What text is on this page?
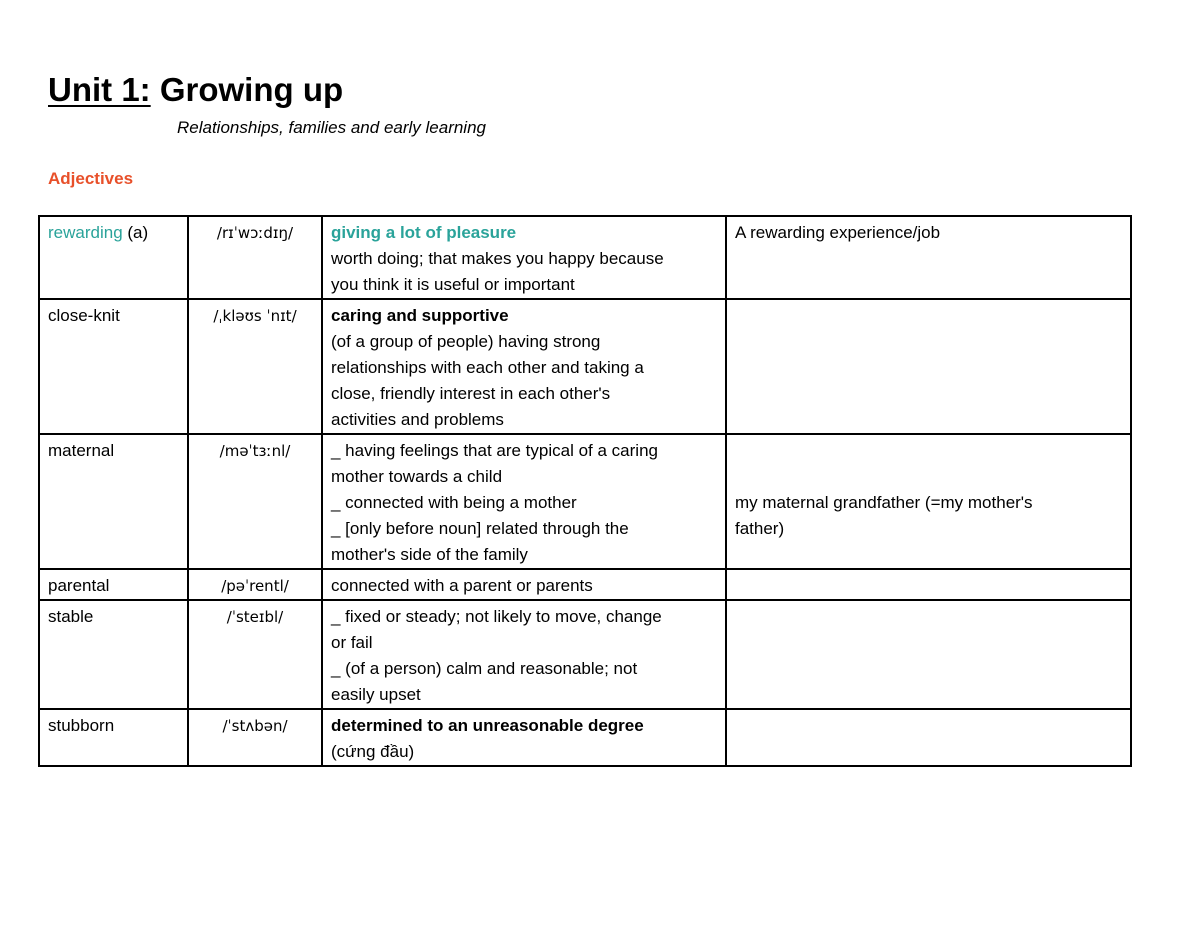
Unit 1: Growing up
Relationships, families and early learning
Adjectives
rewarding (a)	/rɪˈwɔːdɪŋ/	giving a lot of pleasure
worth doing; that makes you happy because
you think it is useful or important	A rewarding experience/job
close-knit	/ˌkləʊs ˈnɪt/	caring and supportive
(of a group of people) having strong
relationships with each other and taking a
close, friendly interest in each other's
activities and problems	

maternal	/məˈtɜːnl/	_ having feelings that are typical of a caring
mother towards a child
_ connected with being a mother
_ [only before noun] related through the
mother's side of the family	my maternal grandfather (=my mother's
father)

parental	/pəˈrentl/	connected with a parent or parents	

stable	/ˈsteɪbl/	_ fixed or steady; not likely to move, change
or fail
_ (of a person) calm and reasonable; not
easily upset	

stubborn	/ˈstʌbən/	determined to an unreasonable degree
(cứng đầu)	
